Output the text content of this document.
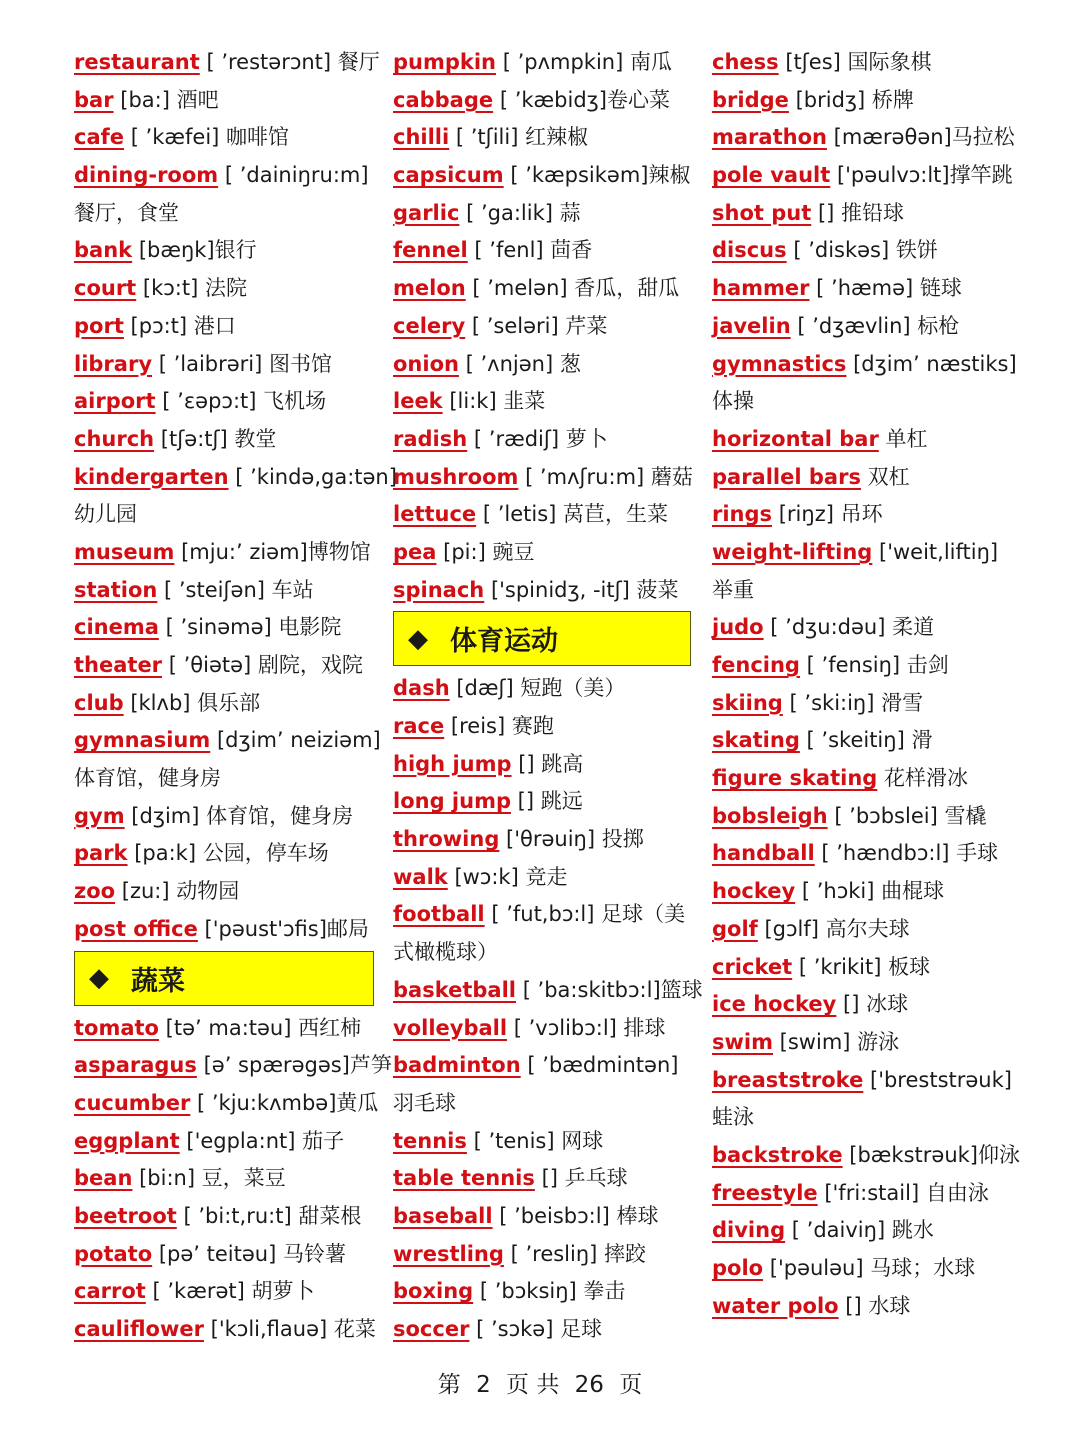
restaurant [ ’restərɔnt] 餐厅
bar [ba:] 酒吧
cafe [ ’kæfei] 咖啡馆
dining-room [ ’dainiŋru:m]
餐厅，食堂
bank [bæŋk]银行
court [kɔ:t] 法院
port [pɔ:t] 港口
library [ ’laibrəri] 图书馆
airport [ ’εəpɔ:t] 飞机场
church [tʃə:tʃ] 教堂
kindergarten [ ’kində,ga:tən]
幼儿园
museum [mju:’ ziəm]博物馆
station [ ’steiʃən] 车站
cinema [ ’sinəmə] 电影院
theater [ ’θiətə] 剧院，戏院
club [klʌb] 俱乐部
gymnasium [dʒim’ neiziəm]
体育馆，健身房
gym [dʒim] 体育馆，健身房
park [pa:k] 公园，停车场
zoo [zu:] 动物园
post office ['pəust'ɔfis]邮局
◆ 蔬菜
tomato [tə’ ma:təu] 西红柿
asparagus [ə’ spærəgəs]芦笋
cucumber [ ’kju:kʌmbə]黄瓜
eggplant ['egpla:nt] 茄子
bean [bi:n] 豆，菜豆
beetroot [ ’bi:t,ru:t] 甜菜根
potato [pə’ teitəu] 马铃薯
carrot [ ’kærət] 胡萝卜
cauliflower ['kɔli,flauə] 花菜
pumpkin [ ’pʌmpkin] 南瓜
cabbage [ ’kæbidʒ]卷心菜
chilli [ ’tʃili] 红辣椒
capsicum [ ’kæpsikəm]辣椒
garlic [ ’ga:lik] 蒜
fennel [ ’fenl] 茴香
melon [ ’melən] 香瓜，甜瓜
celery [ ’seləri] 芹菜
onion [ ’ʌnjən] 葱
leek [li:k] 韭菜
radish [ ’rædiʃ] 萝卜
mushroom [ ’mʌʃru:m] 蘑菇
lettuce [ ’letis] 莴苣，生菜
pea [pi:] 豌豆
spinach ['spinidʒ, -itʃ] 菠菜
◆ 体育运动
dash [dæʃ] 短跑（美）
race [reis] 赛跑
high jump [] 跳高
long jump [] 跳远
throwing ['θrəuiŋ] 投掷
walk [wɔ:k] 竞走
football [ ’fut,bɔ:l] 足球（美
式橄榄球）
basketball [ ’ba:skitbɔ:l]篮球
volleyball [ ’vɔlibɔ:l] 排球
badminton [ ’bædmintən]
羽毛球
tennis [ ’tenis] 网球
table tennis [] 乒乓球
baseball [ ’beisbɔ:l] 棒球
wrestling [ ’resliŋ] 摔跤
boxing [ ’bɔksiŋ] 拳击
soccer [ ’sɔkə] 足球
chess [tʃes] 国际象棋
bridge [bridʒ] 桥牌
marathon [mærəθən]马拉松
pole vault ['pəulvɔ:lt]撑竿跳
shot put [] 推铅球
discus [ ’diskəs] 铁饼
hammer [ ’hæmə] 链球
javelin [ ’dʒævlin] 标枪
gymnastics [dʒim’ næstiks]
体操
horizontal bar 单杠
parallel bars 双杠
rings [riŋz] 吊环
weight-lifting ['weit,liftiŋ]
举重
judo [ ’dʒu:dəu] 柔道
fencing [ ’fensiŋ] 击剑
skiing [ ’ski:iŋ] 滑雪
skating [ ’skeitiŋ] 滑
figure skating 花样滑冰
bobsleigh [ ’bɔbslei] 雪橇
handball [ ’hændbɔ:l] 手球
hockey [ ’hɔki] 曲棍球
golf [gɔlf] 高尔夫球
cricket [ ’krikit] 板球
ice hockey [] 冰球
swim [swim] 游泳
breaststroke ['breststrəuk]
蛙泳
backstroke [bækstrəuk]仰泳
freestyle ['fri:stail] 自由泳
diving [ ’daiviŋ] 跳水
polo ['pəuləu] 马球；水球
water polo [] 水球
第 2 页 共 26 页
